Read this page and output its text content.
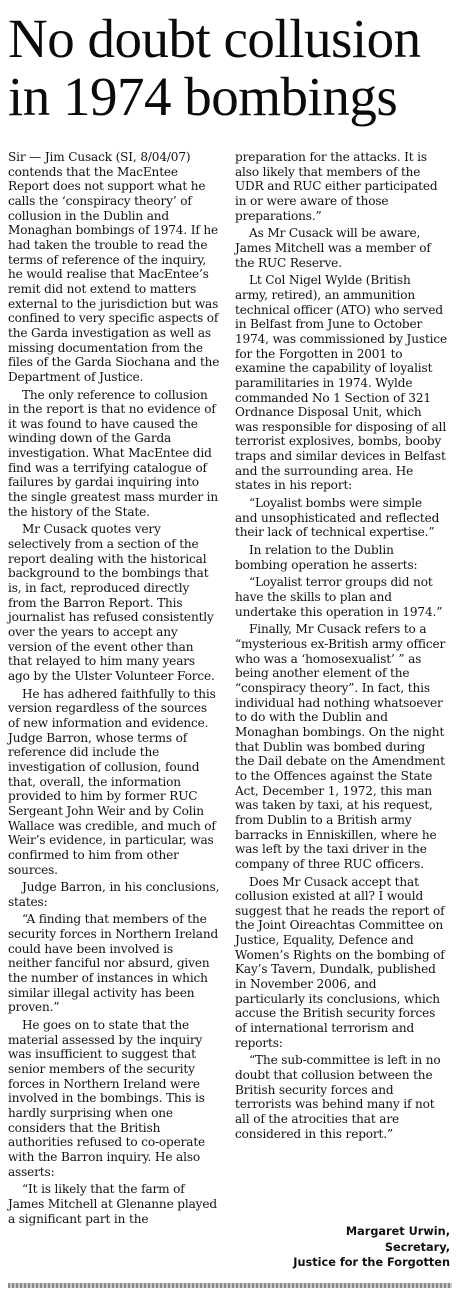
No doubt collusion
in 1974 bombings

Sir — Jim Cusack (SI, 8/04/07) contends that the MacEntee Report does not support what he calls the ‘conspiracy theory’ of collusion in the Dublin and Monaghan bombings of 1974. If he had taken the trouble to read the terms of reference of the inquiry, he would realise that MacEntee’s remit did not extend to matters external to the jurisdiction but was confined to very specific aspects of the Garda investigation as well as missing documentation from the files of the Garda Siochana and the Department of Justice.

The only reference to collusion in the report is that no evidence of it was found to have caused the winding down of the Garda investigation. What MacEntee did find was a terrifying catalogue of failures by gardai inquiring into the single greatest mass murder in the history of the State.

Mr Cusack quotes very selectively from a section of the report dealing with the historical background to the bombings that is, in fact, reproduced directly from the Barron Report. This journalist has refused consistently over the years to accept any version of the event other than that relayed to him many years ago by the Ulster Volunteer Force.

He has adhered faithfully to this version regardless of the sources of new information and evidence. Judge Barron, whose terms of reference did include the investigation of collusion, found that, overall, the information provided to him by former RUC Sergeant John Weir and by Colin Wallace was credible, and much of Weir’s evidence, in particular, was confirmed to him from other sources.

Judge Barron, in his conclusions, states:

“A finding that members of the security forces in Northern Ireland could have been involved is neither fanciful nor absurd, given the number of instances in which similar illegal activity has been proven.”

He goes on to state that the material assessed by the inquiry was insufficient to suggest that senior members of the security forces in Northern Ireland were involved in the bombings. This is hardly surprising when one considers that the British authorities refused to co-operate with the Barron inquiry. He also asserts:

“It is likely that the farm of James Mitchell at Glenanne played a significant part in the

preparation for the attacks. It is also likely that members of the UDR and RUC either participated in or were aware of those preparations.”

As Mr Cusack will be aware, James Mitchell was a member of the RUC Reserve.

Lt Col Nigel Wylde (British army, retired), an ammunition technical officer (ATO) who served in Belfast from June to October 1974, was commissioned by Justice for the Forgotten in 2001 to examine the capability of loyalist paramilitaries in 1974. Wylde commanded No 1 Section of 321 Ordnance Disposal Unit, which was responsible for disposing of all terrorist explosives, bombs, booby traps and similar devices in Belfast and the surrounding area. He states in his report:

“Loyalist bombs were simple and unsophisticated and reflected their lack of technical expertise.”

In relation to the Dublin bombing operation he asserts:

“Loyalist terror groups did not have the skills to plan and undertake this operation in 1974.”

Finally, Mr Cusack refers to a “mysterious ex-British army officer who was a ‘homosexualist’ ” as being another element of the “conspiracy theory”. In fact, this individual had nothing whatsoever to do with the Dublin and Monaghan bombings. On the night that Dublin was bombed during the Dail debate on the Amendment to the Offences against the State Act, December 1, 1972, this man was taken by taxi, at his request, from Dublin to a British army barracks in Enniskillen, where he was left by the taxi driver in the company of three RUC officers.

Does Mr Cusack accept that collusion existed at all? I would suggest that he reads the report of the Joint Oireachtas Committee on Justice, Equality, Defence and Women’s Rights on the bombing of Kay’s Tavern, Dundalk, published in November 2006, and particularly its conclusions, which accuse the British security forces of international terrorism and reports:

“The sub-committee is left in no doubt that collusion between the British security forces and terrorists was behind many if not all of the atrocities that are considered in this report.”

Margaret Urwin,
Secretary,
Justice for the Forgotten
